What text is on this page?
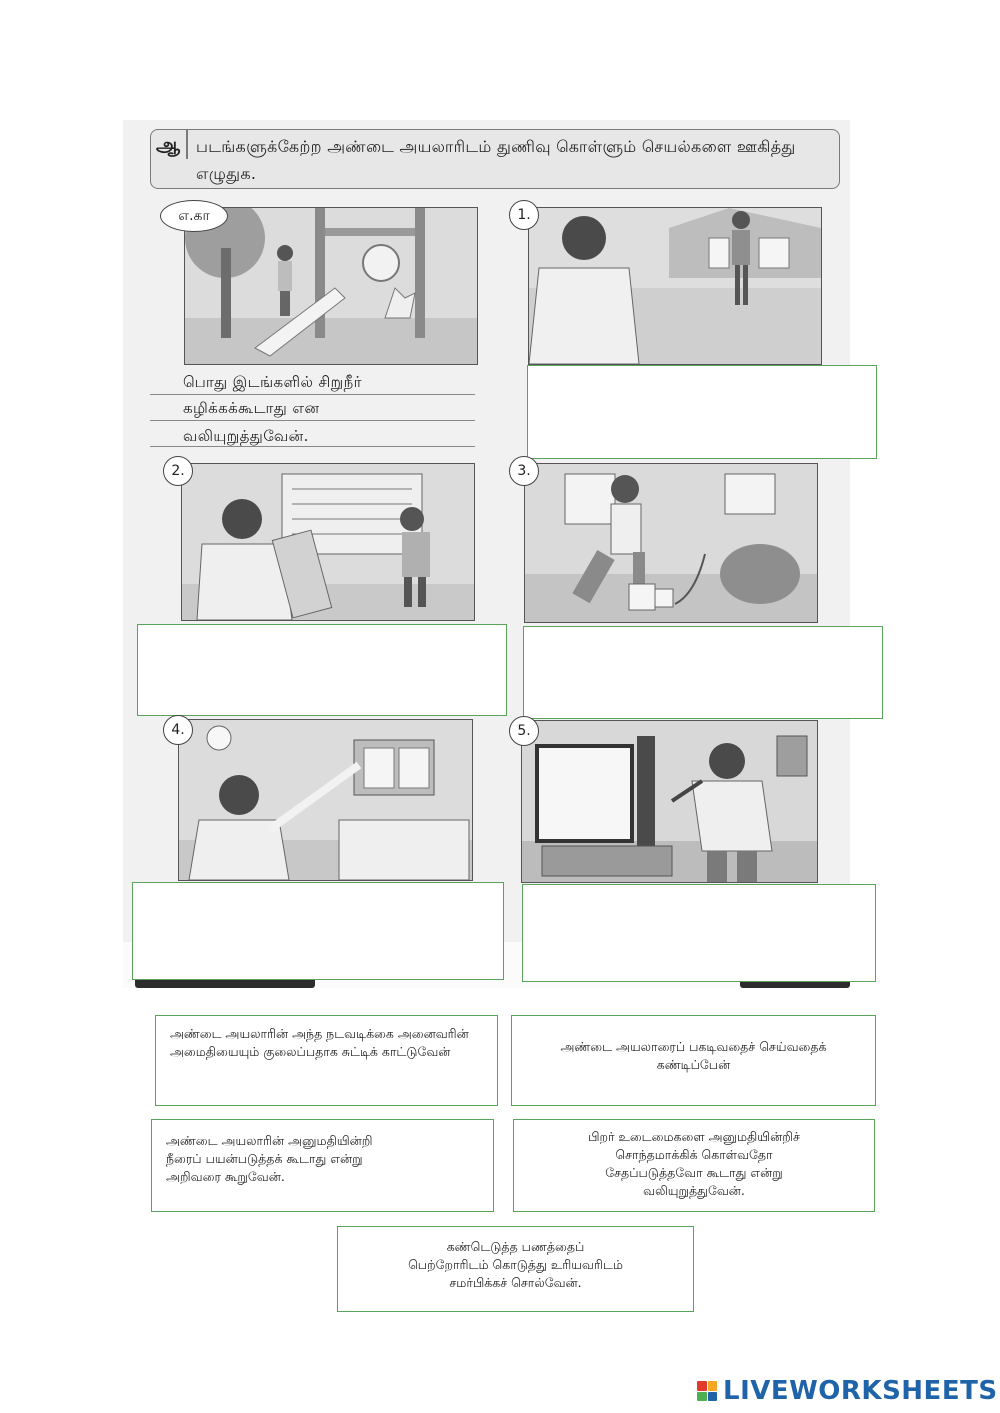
ஆ படங்களுக்கேற்ற அண்டை அயலாரிடம் துணிவு கொள்ளும் செயல்களை ஊகித்து எழுதுக.
எ.கா
பொது இடங்களில் சிறுநீர்
கழிக்கக்கூடாது என
வலியுறுத்துவேன்.
1.
2.	3.
4.	5.
அண்டை அயலாரின் அந்த நடவடிக்கை அனைவரின் அமைதியையும் குலைப்பதாக சுட்டிக் காட்டுவேன்	அண்டை அயலாரைப் பகடிவதைச் செய்வதைக் கண்டிப்பேன்
அண்டை அயலாரின் அனுமதியின்றி நீரைப் பயன்படுத்தக் கூடாது என்று அறிவரை கூறுவேன்.
பிறர் உடைமைகளை அனுமதியின்றிச் சொந்தமாக்கிக் கொள்வதோ சேதப்படுத்தவோ கூடாது என்று வலியுறுத்துவேன்.
கண்டெடுத்த பணத்தைப் பெற்றோரிடம் கொடுத்து உரியவரிடம் சமர்பிக்கச் சொல்வேன்.
LIVEWORKSHEETS
